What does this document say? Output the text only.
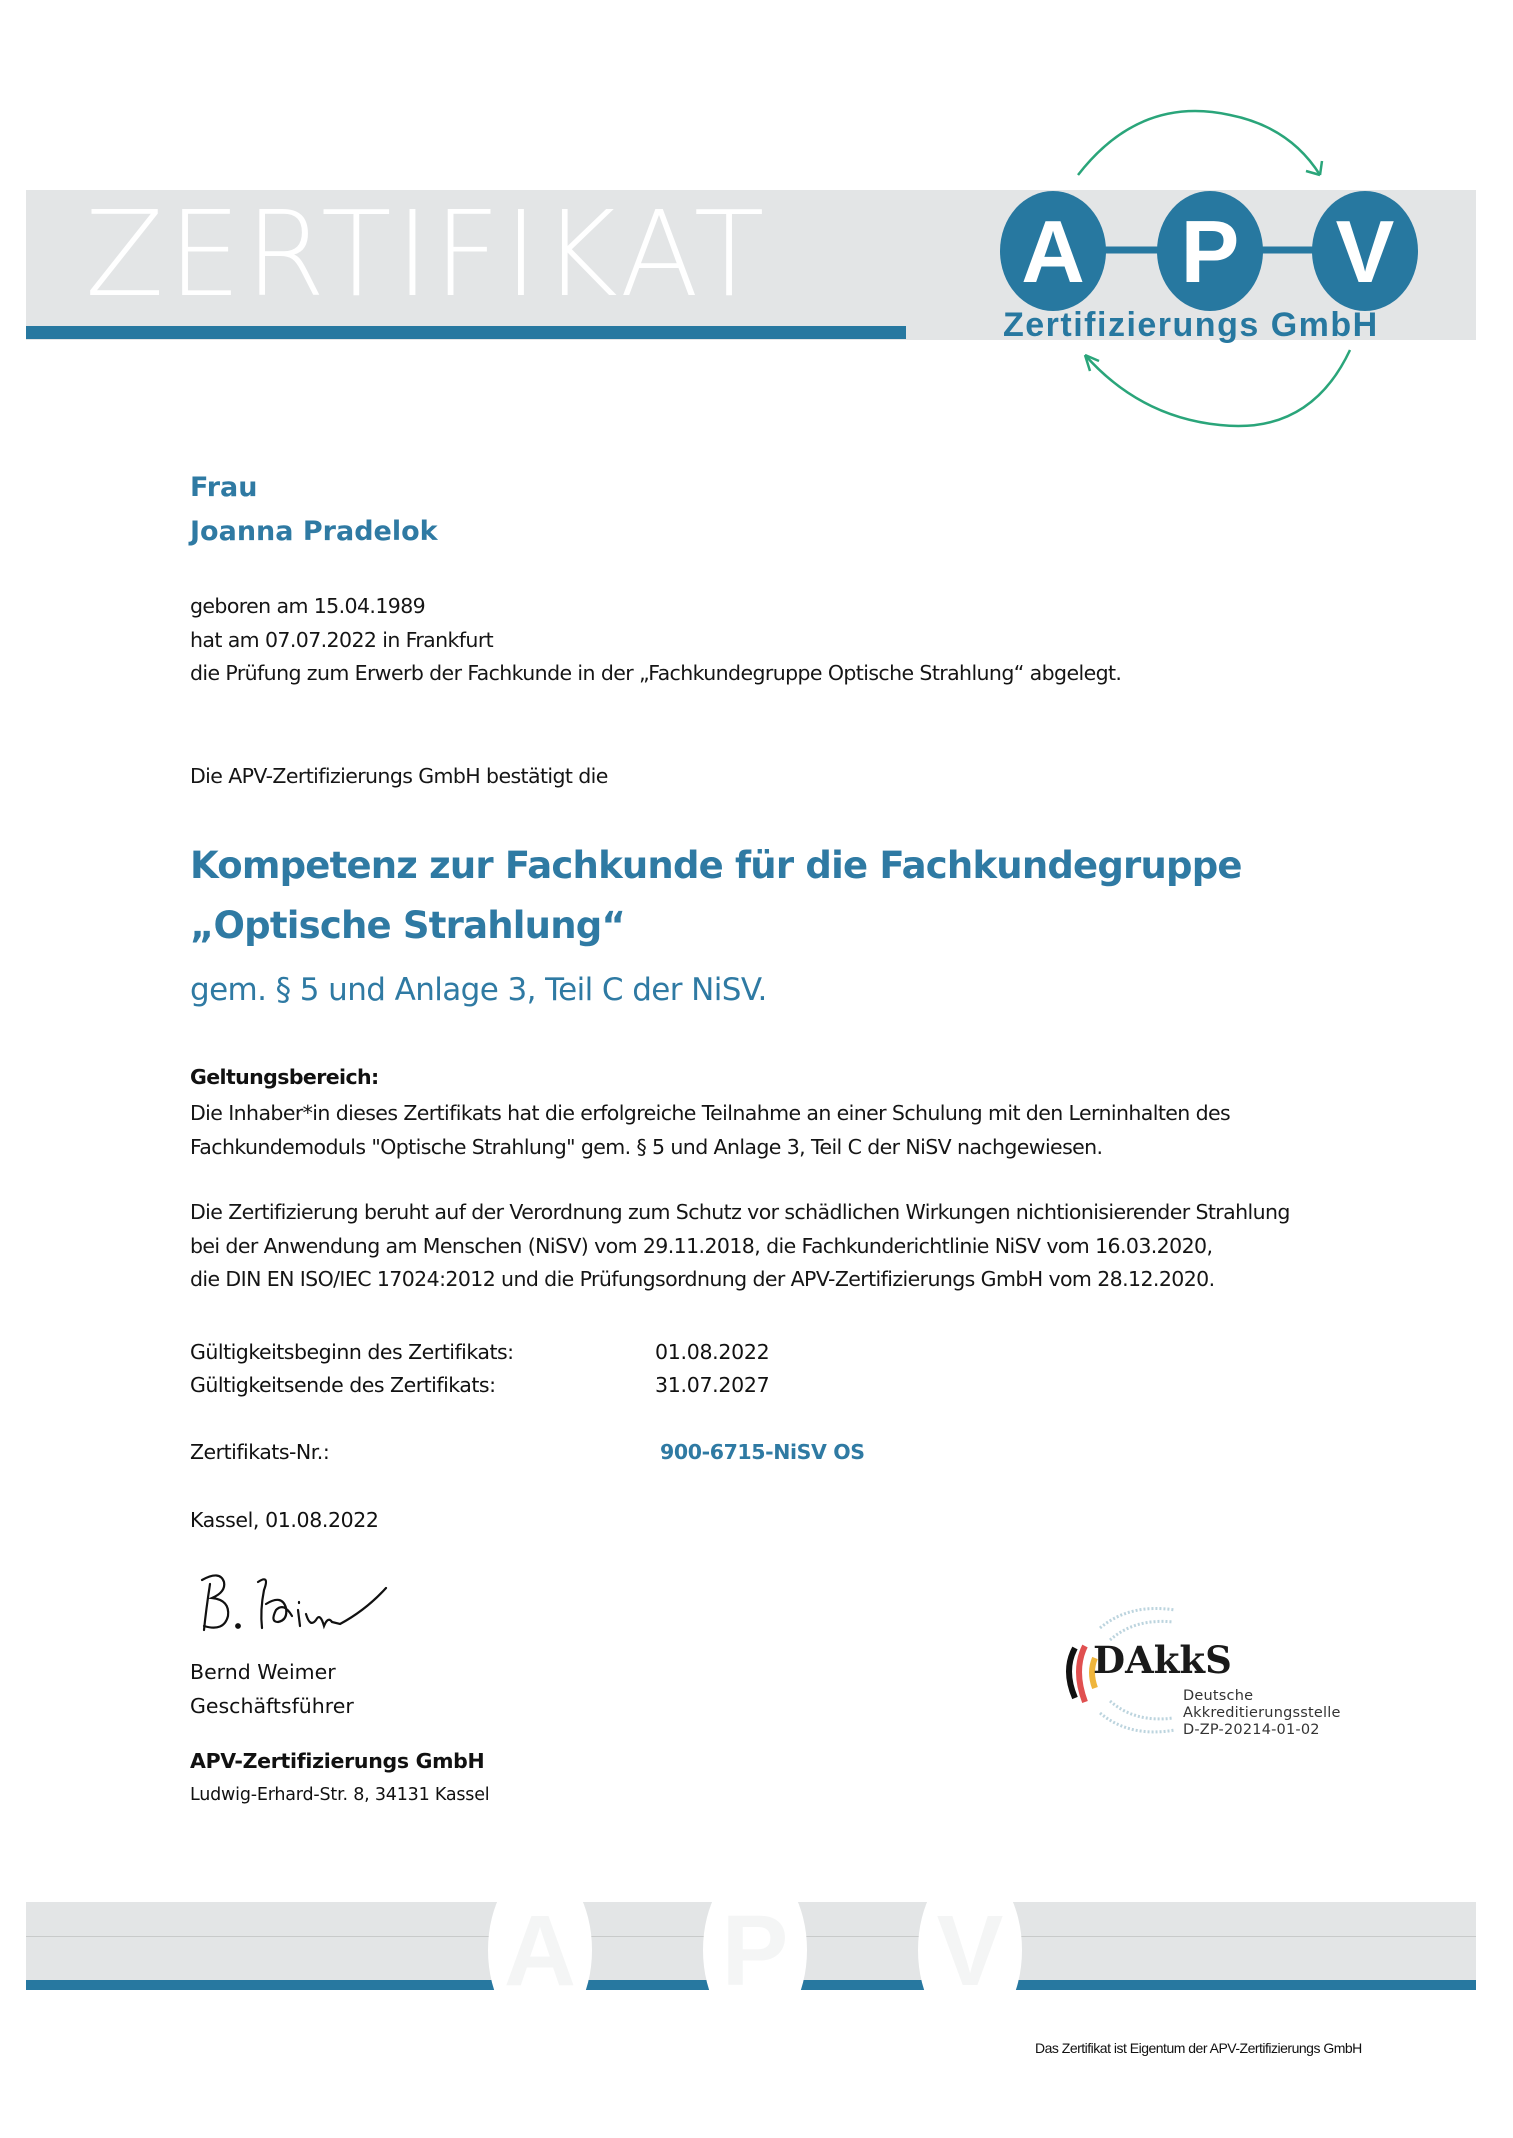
ZERTIFIKAT	A P V
Zertifizierungs GmbH
Frau
Joanna Pradelok
geboren am 15.04.1989
hat am 07.07.2022 in Frankfurt
die Prüfung zum Erwerb der Fachkunde in der „Fachkundegruppe Optische Strahlung“ abgelegt.
Die APV-Zertifizierungs GmbH bestätigt die
Kompetenz zur Fachkunde für die Fachkundegruppe
„Optische Strahlung“
gem. § 5 und Anlage 3, Teil C der NiSV.
Geltungsbereich:
Die Inhaber*in dieses Zertifikats hat die erfolgreiche Teilnahme an einer Schulung mit den Lerninhalten des
Fachkundemoduls "Optische Strahlung" gem. § 5 und Anlage 3, Teil C der NiSV nachgewiesen.
Die Zertifizierung beruht auf der Verordnung zum Schutz vor schädlichen Wirkungen nichtionisierender Strahlung
bei der Anwendung am Menschen (NiSV) vom 29.11.2018, die Fachkunderichtlinie NiSV vom 16.03.2020,
die DIN EN ISO/IEC 17024:2012 und die Prüfungsordnung der APV-Zertifizierungs GmbH vom 28.12.2020.
Gültigkeitsbeginn des Zertifikats:	01.08.2022
Gültigkeitsende des Zertifikats:	31.07.2027
Zertifikats-Nr.:	900-6715-NiSV OS
Kassel, 01.08.2022
Bernd Weimer
Geschäftsführer
APV-Zertifizierungs GmbH
Ludwig-Erhard-Str. 8, 34131 Kassel
DAkkS
Deutsche
Akkreditierungsstelle
D-ZP-20214-01-02
A P V
Das Zertifikat ist Eigentum der APV-Zertifizierungs GmbH
